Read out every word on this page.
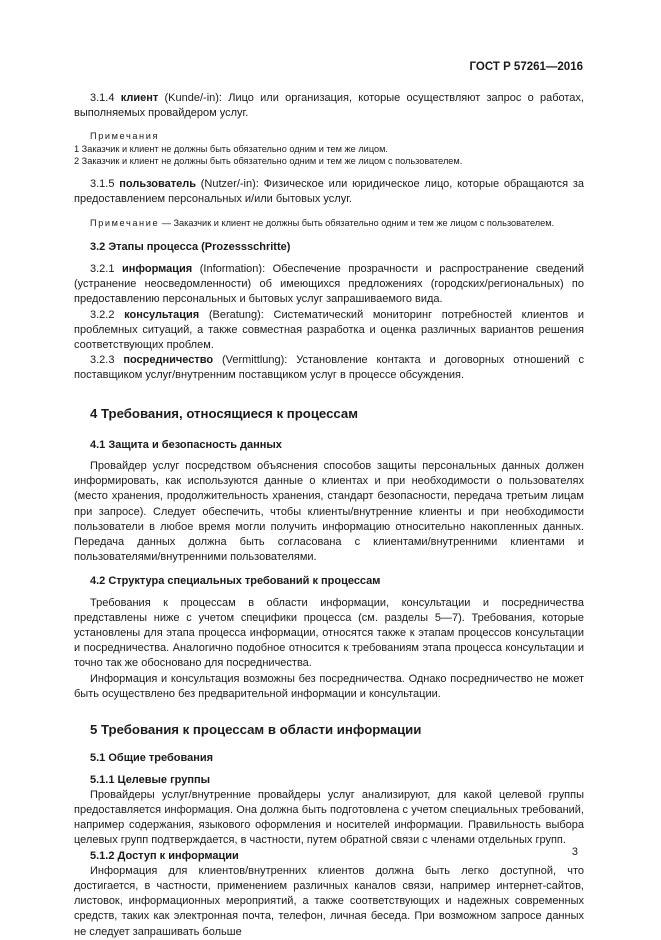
ГОСТ Р 57261—2016

3.1.4 клиент (Kunde/-in): Лицо или организация, которые осуществляют запрос о работах, выполняемых провайдером услуг.

Примечания
1 Заказчик и клиент не должны быть обязательно одним и тем же лицом.
2 Заказчик и клиент не должны быть обязательно одним и тем же лицом с пользователем.

3.1.5 пользователь (Nutzer/-in): Физическое или юридическое лицо, которые обращаются за предоставлением персональных и/или бытовых услуг.

Примечание — Заказчик и клиент не должны быть обязательно одним и тем же лицом с пользователем.

3.2 Этапы процесса (Prozessschritte)

3.2.1 информация (Information): Обеспечение прозрачности и распространение сведений (устранение неосведомленности) об имеющихся предложениях (городских/региональных) по предоставлению персональных и бытовых услуг запрашиваемого вида.

3.2.2 консультация (Beratung): Систематический мониторинг потребностей клиентов и проблемных ситуаций, а также совместная разработка и оценка различных вариантов решения соответствующих проблем.

3.2.3 посредничество (Vermittlung): Установление контакта и договорных отношений с поставщиком услуг/внутренним поставщиком услуг в процессе обсуждения.

4 Требования, относящиеся к процессам

4.1 Защита и безопасность данных

Провайдер услуг посредством объяснения способов защиты персональных данных должен информировать, как используются данные о клиентах и при необходимости о пользователях (место хранения, продолжительность хранения, стандарт безопасности, передача третьим лицам при запросе). Следует обеспечить, чтобы клиенты/внутренние клиенты и при необходимости пользователи в любое время могли получить информацию относительно накопленных данных. Передача данных должна быть согласована с клиентами/внутренними клиентами и пользователями/внутренними пользователями.

4.2 Структура специальных требований к процессам

Требования к процессам в области информации, консультации и посредничества представлены ниже с учетом специфики процесса (см. разделы 5—7). Требования, которые установлены для этапа процесса информации, относятся также к этапам процессов консультации и посредничества. Аналогично подобное относится к требованиям этапа процесса консультации и точно так же обосновано для посредничества.

Информация и консультация возможны без посредничества. Однако посредничество не может быть осуществлено без предварительной информации и консультации.

5 Требования к процессам в области информации

5.1 Общие требования

5.1.1 Целевые группы

Провайдеры услуг/внутренние провайдеры услуг анализируют, для какой целевой группы предоставляется информация. Она должна быть подготовлена с учетом специальных требований, например содержания, языкового оформления и носителей информации. Правильность выбора целевых групп подтверждается, в частности, путем обратной связи с членами отдельных групп.

5.1.2 Доступ к информации

Информация для клиентов/внутренних клиентов должна быть легко доступной, что достигается, в частности, применением различных каналов связи, например интернет-сайтов, листовок, информационных мероприятий, а также соответствующих и надежных современных средств, таких как электронная почта, телефон, личная беседа. При возможном запросе данных не следует запрашивать больше

3
